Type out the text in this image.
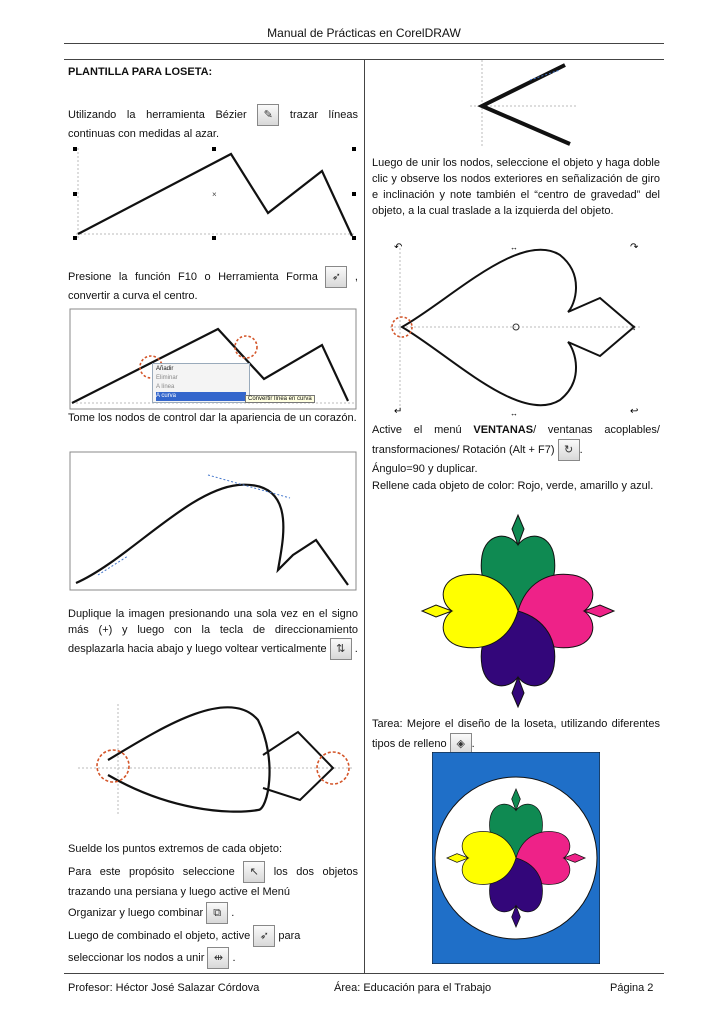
Manual de Prácticas en CorelDRAW
PLANTILLA PARA LOSETA:
Utilizando la herramienta Bézier ✎ trazar líneas continuas con medidas al azar.
×
Presione la función F10 o Herramienta Forma ➶ , convertir a curva el centro.
Añadir
Eliminar
A línea
A curva	Convertir línea en curva
Tome los nodos de control dar la apariencia de un corazón.
Duplique la imagen presionando una sola vez en el signo más (+) y luego con la tecla de direccionamiento desplazarla hacia abajo y luego voltear verticalmente ⇅ .
Suelde los puntos extremos de cada objeto:
Para este propósito seleccione ↖ los dos objetos trazando una persiana y luego active el Menú
Organizar y luego combinar ⧉ .
Luego de combinado el objeto, active ➶ para
seleccionar los nodos a unir ⇹ .
Luego de unir los nodos, seleccione el objeto y haga doble clic y observe los nodos exteriores en señalización de giro e inclinación y note también el “centro de gravedad” del objeto, a la cual traslade a la izquierda del objeto.
↶	↷
↵	↩
↔
↔
↕
Active el menú VENTANAS/ ventanas acoplables/ transformaciones/ Rotación (Alt + F7) ↻ .
Ángulo=90 y duplicar.
Rellene cada objeto de color: Rojo, verde, amarillo y azul.
Tarea: Mejore el diseño de la loseta, utilizando diferentes tipos de relleno ◈ .
Profesor: Héctor José Salazar Córdova	Área: Educación para el Trabajo	Página 2
